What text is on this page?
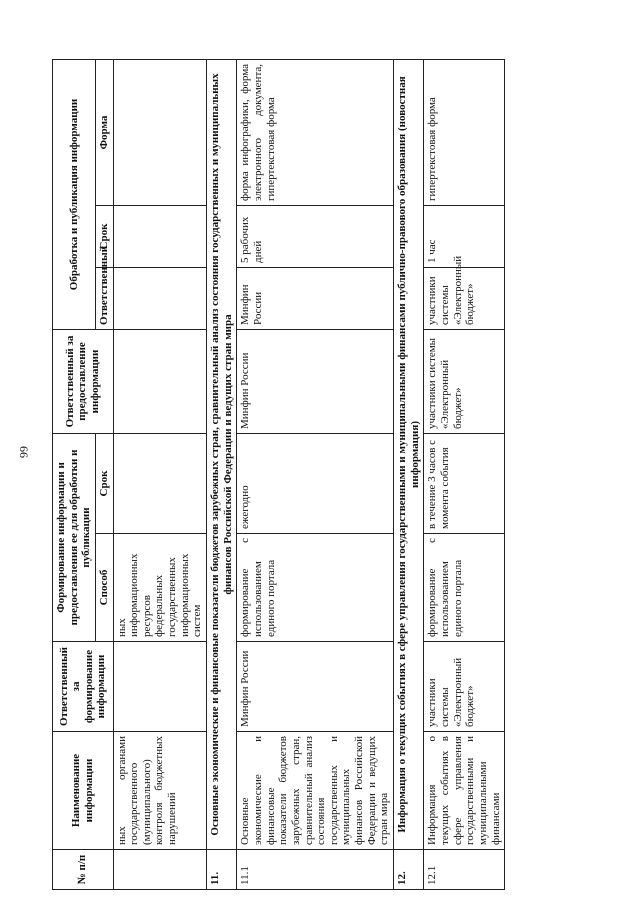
66
№ п/п	Наименование информации	Ответственный за формирование информации	Формирование информации и предоставления ее для обработки и публикации		Ответственный за предоставление информации	Обработка и публикация информации		
			Способ	Срок		Ответственный	Срок	Форма
	ных органами государственного (муниципального) контроля бюджетных нарушений		ных информационных ресурсов федеральных государственных информационных систем					
11.	Основные экономические и финансовые показатели бюджетов зарубежных стран, сравнительный анализ состояния государственных и муниципальных финансов Российской Федерации и ведущих стран мира							
11.1	Основные экономические и финансовые показатели бюджетов зарубежных стран, сравнительный анализ состояния государственных и муниципальных финансов Российской Федерации и ведущих стран мира	Минфин России	формирование с использованием единого портала	ежегодно	Минфин России	Минфин России	5 рабочих дней	форма инфографики, форма электронного документа, гипертекстовая форма
12.	Информация о текущих событиях в сфере управления государственными и муниципальными финансами публично-правового образования (новостная информация)							
12.1	Информация о текущих событиях в сфере управления государственными и муниципальными финансами	участники системы «Электронный бюджет»	формирование с использованием единого портала	в течение 3 часов с момента события	участники системы «Электронный бюджет»	участники системы «Электронный бюджет»	1 час	гипертекстовая форма
